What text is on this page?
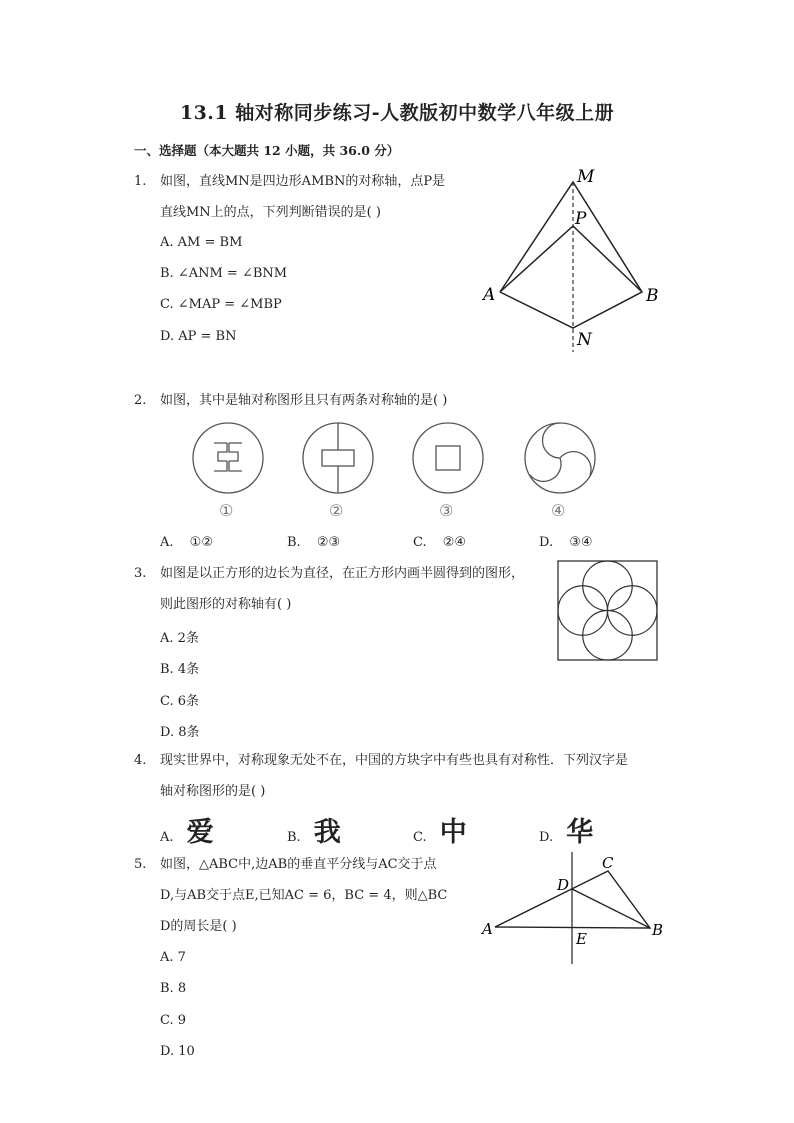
13.1 轴对称同步练习-人教版初中数学八年级上册
一、选择题（本大题共 12 小题，共 36.0 分）
1. 如图，直线MN是四边形AMBN的对称轴，点P是
直线MN上的点，下列判断错误的是( )
A. AM = BM
B. ∠ANM = ∠BNM
C. ∠MAP = ∠MBP
D. AP = BN
M
P
A	B
N
2. 如图，其中是轴对称图形且只有两条对称轴的是( )
①	②	③	④
A. ①②	B. ②③	C. ②④	D. ③④
3. 如图是以正方形的边长为直径，在正方形内画半圆得到的图形，
则此图形的对称轴有( )
A. 2条
B. 4条
C. 6条
D. 8条
4. 现实世界中，对称现象无处不在，中国的方块字中有些也具有对称性．下列汉字是
轴对称图形的是( )
A. 爱	B. 我	C. 中	D. 华
5. 如图，△ABC中,边AB的垂直平分线与AC交于点
D,与AB交于点E,已知AC = 6，BC = 4，则△BC
D的周长是( )
A. 7
B. 8
C. 9
D. 10
A	B
C
D
E
